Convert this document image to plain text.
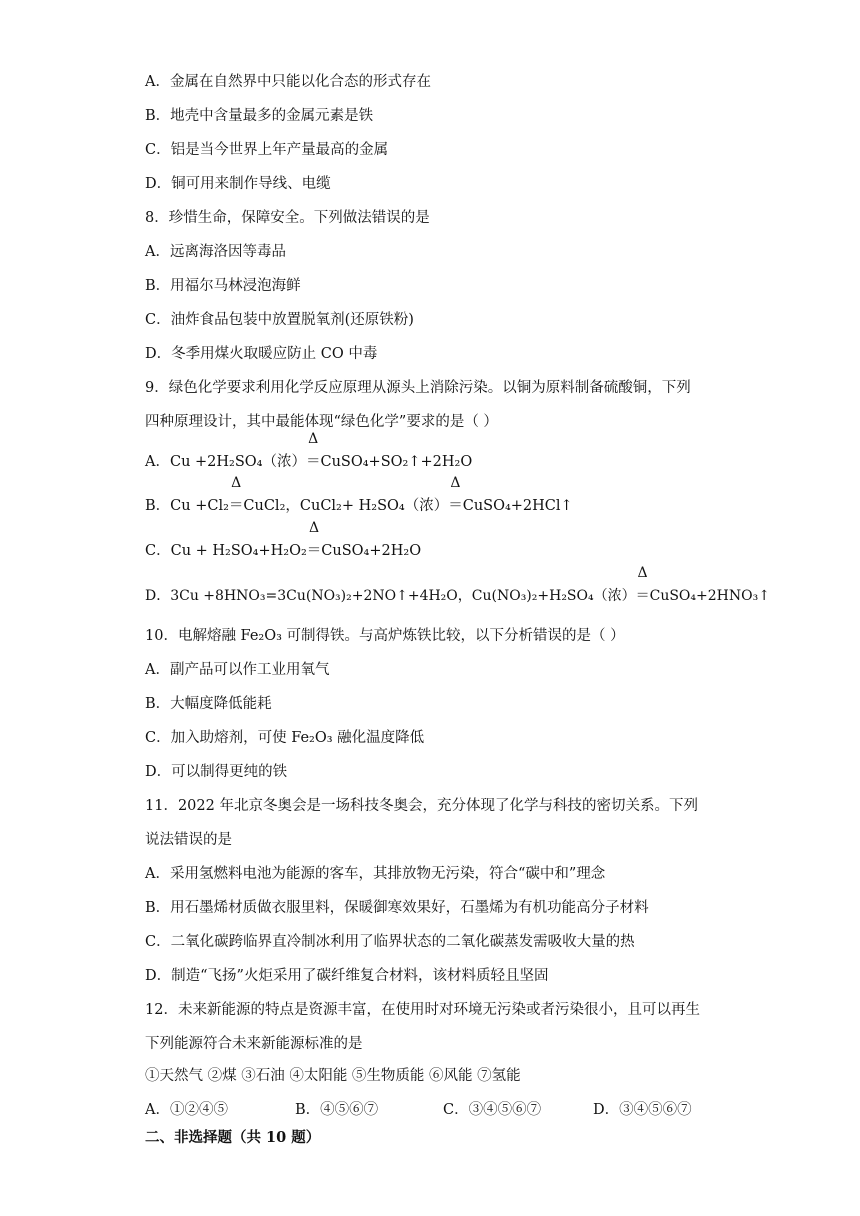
A．金属在自然界中只能以化合态的形式存在
B．地壳中含量最多的金属元素是铁
C．铝是当今世界上年产量最高的金属
D．铜可用来制作导线、电缆
8．珍惜生命，保障安全。下列做法错误的是
A．远离海洛因等毒品
B．用福尔马林浸泡海鲜
C．油炸食品包装中放置脱氧剂(还原铁粉)
D．冬季用煤火取暖应防止 CO 中毒
9．绿色化学要求利用化学反应原理从源头上消除污染。以铜为原料制备硫酸铜，下列
四种原理设计，其中最能体现“绿色化学”要求的是（ ）
A．Cu +2H₂SO₄（浓）
Δ
＝CuSO₄+SO₂↑+2H₂O
B．Cu +Cl₂
Δ
＝CuCl₂，CuCl₂+ H₂SO₄（浓）
Δ
＝CuSO₄+2HCl↑
C．Cu + H₂SO₄+H₂O₂
Δ
＝CuSO₄+2H₂O
D．3Cu +8HNO₃=3Cu(NO₃)₂+2NO↑+4H₂O，Cu(NO₃)₂+H₂SO₄（浓）
Δ
＝CuSO₄+2HNO₃↑
10．电解熔融 Fe₂O₃ 可制得铁。与高炉炼铁比较，以下分析错误的是（ ）
A．副产品可以作工业用氧气
B．大幅度降低能耗
C．加入助熔剂，可使 Fe₂O₃ 融化温度降低
D．可以制得更纯的铁
11．2022 年北京冬奥会是一场科技冬奥会，充分体现了化学与科技的密切关系。下列
说法错误的是
A．采用氢燃料电池为能源的客车，其排放物无污染，符合“碳中和”理念
B．用石墨烯材质做衣服里料，保暖御寒效果好，石墨烯为有机功能高分子材料
C．二氧化碳跨临界直冷制冰利用了临界状态的二氧化碳蒸发需吸收大量的热
D．制造“飞扬”火炬采用了碳纤维复合材料，该材料质轻且坚固
12．未来新能源的特点是资源丰富，在使用时对环境无污染或者污染很小，且可以再生
下列能源符合未来新能源标准的是
①天然气 ②煤 ③石油 ④太阳能 ⑤生物质能 ⑥风能 ⑦氢能
A．①②④⑤	B．④⑤⑥⑦	C．③④⑤⑥⑦	D．③④⑤⑥⑦
二、非选择题（共 10 题）
